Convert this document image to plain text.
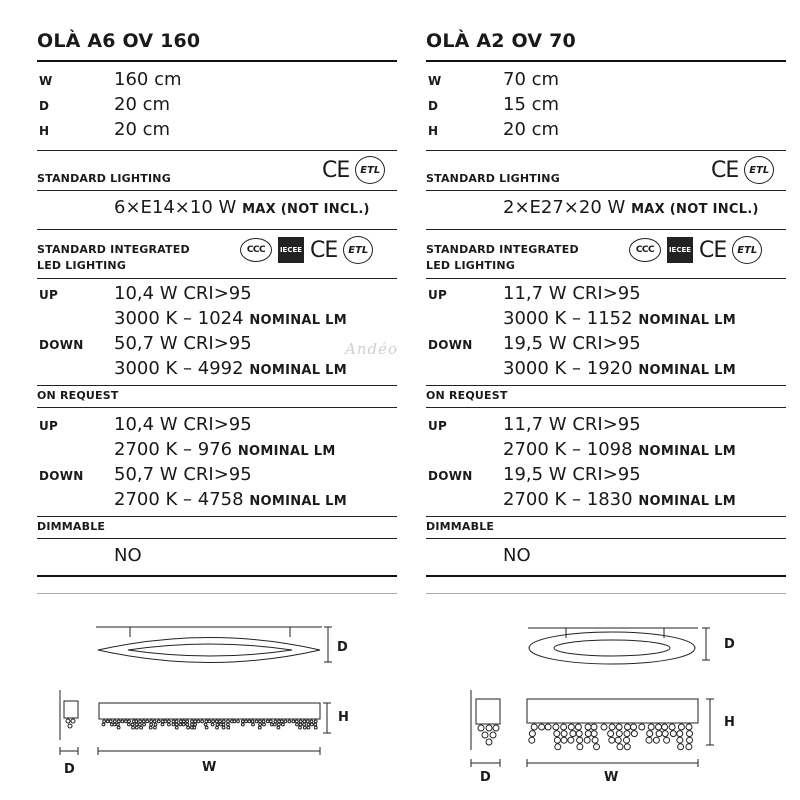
OLÀ A6 OV 160
W	160 cm
D	20 cm
H	20 cm
STANDARD LIGHTING	CE	ETL
6×E14×10 W MAX (NOT INCL.)
STANDARD INTEGRATED
LED LIGHTING
CCC	IECEE CE	ETL
UP	10,4 W CRI>95
3000 K – 1024 NOMINAL LM
DOWN 50,7 W CRI>95
3000 K – 4992 NOMINAL LM
ON REQUEST
UP	10,4 W CRI>95
2700 K – 976 NOMINAL LM
DOWN 50,7 W CRI>95
2700 K – 4758 NOMINAL LM
DIMMABLE
NO
OLÀ A2 OV 70
W	70 cm
D	15 cm
H	20 cm
STANDARD LIGHTING	CE	ETL
2×E27×20 W MAX (NOT INCL.)
STANDARD INTEGRATED
LED LIGHTING
CCC	IECEE CE	ETL
UP	11,7 W CRI>95
3000 K – 1152 NOMINAL LM
DOWN 19,5 W CRI>95
3000 K – 1920 NOMINAL LM
ON REQUEST
UP	11,7 W CRI>95
2700 K – 1098 NOMINAL LM
DOWN 19,5 W CRI>95
2700 K – 1830 NOMINAL LM
DIMMABLE
NO
Andéo
D
H
D	W
D
H
D	W
